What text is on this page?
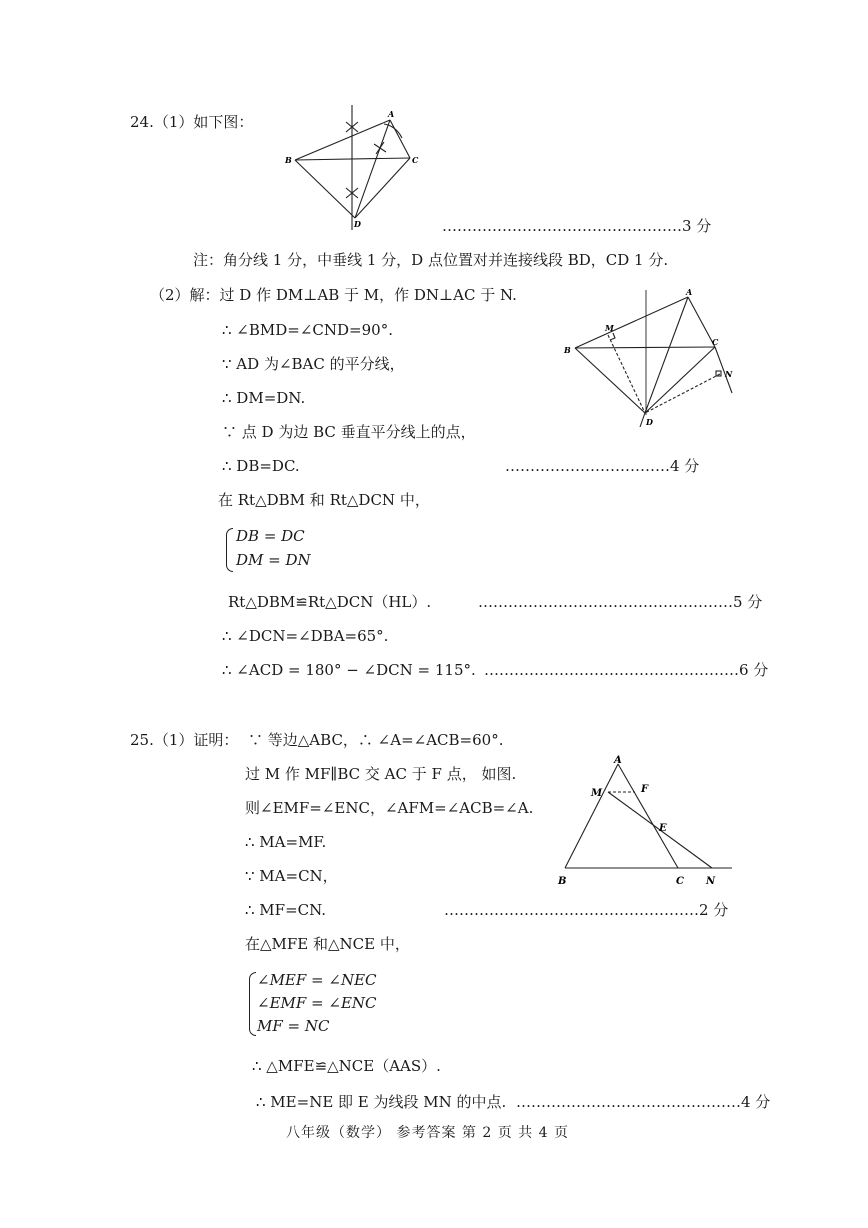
24.（1）如下图：	A
B	C
D	…………………………………………3 分
注：角分线 1 分，中垂线 1 分，D 点位置对并连接线段 BD，CD 1 分.
（2）解：过 D 作 DM⊥AB 于 M，作 DN⊥AC 于 N.
∴ ∠BMD=∠CND=90°.
∵ AD 为∠BAC 的平分线，
∴ DM=DN.
∵ 点 D 为边 BC 垂直平分线上的点，
∴ DB=DC.	……………………………4 分
在 Rt△DBM 和 Rt△DCN 中，
DB = DC
DM = DN
Rt△DBM≌Rt△DCN（HL）.	……………………………………………5 分
∴ ∠DCN=∠DBA=65°.
∴ ∠ACD = 180° − ∠DCN = 115°. ……………………………………………6 分
A
B
C
D
M
N
25.（1）证明： ∵ 等边△ABC，∴ ∠A=∠ACB=60°.
过 M 作 MF∥BC 交 AC 于 F 点， 如图.
则∠EMF=∠ENC，∠AFM=∠ACB=∠A.
∴ MA=MF.
∵ MA=CN，
∴ MF=CN.	……………………………………………2 分
在△MFE 和△NCE 中，
∠MEF = ∠NEC
∠EMF = ∠ENC
MF = NC
∴ △MFE≌△NCE（AAS）.
∴ ME=NE 即 E 为线段 MN 的中点. ………………………………………4 分
A
B	C
E
F
M
N
八年级（数学） 参考答案 第 2 页 共 4 页
